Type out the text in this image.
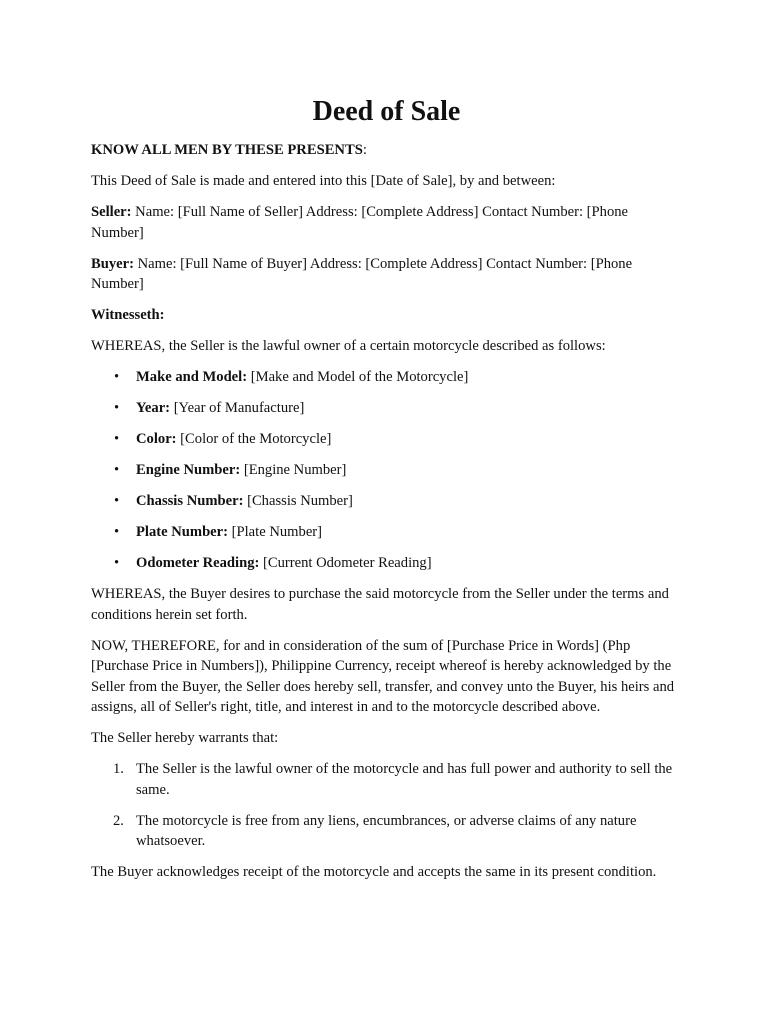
Deed of Sale

KNOW ALL MEN BY THESE PRESENTS:

This Deed of Sale is made and entered into this [Date of Sale], by and between:

Seller: Name: [Full Name of Seller] Address: [Complete Address] Contact Number: [Phone Number]

Buyer: Name: [Full Name of Buyer] Address: [Complete Address] Contact Number: [Phone Number]

Witnesseth:

WHEREAS, the Seller is the lawful owner of a certain motorcycle described as follows:

• Make and Model: [Make and Model of the Motorcycle]
• Year: [Year of Manufacture]
• Color: [Color of the Motorcycle]
• Engine Number: [Engine Number]
• Chassis Number: [Chassis Number]
• Plate Number: [Plate Number]
• Odometer Reading: [Current Odometer Reading]

WHEREAS, the Buyer desires to purchase the said motorcycle from the Seller under the terms and conditions herein set forth.

NOW, THEREFORE, for and in consideration of the sum of [Purchase Price in Words] (Php [Purchase Price in Numbers]), Philippine Currency, receipt whereof is hereby acknowledged by the Seller from the Buyer, the Seller does hereby sell, transfer, and convey unto the Buyer, his heirs and assigns, all of Seller's right, title, and interest in and to the motorcycle described above.

The Seller hereby warrants that:

1. The Seller is the lawful owner of the motorcycle and has full power and authority to sell the same.
2. The motorcycle is free from any liens, encumbrances, or adverse claims of any nature whatsoever.

The Buyer acknowledges receipt of the motorcycle and accepts the same in its present condition.
